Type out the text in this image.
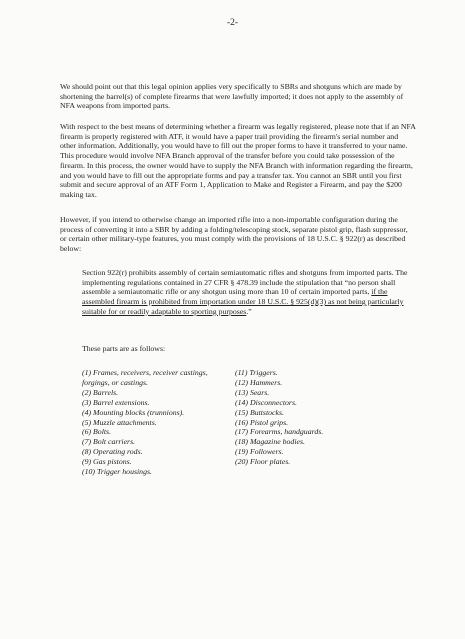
-2-

We should point out that this legal opinion applies very specifically to SBRs and shotguns which are made by shortening the barrel(s) of complete firearms that were lawfully imported; it does not apply to the assembly of NFA weapons from imported parts.

With respect to the best means of determining whether a firearm was legally registered, please note that if an NFA firearm is properly registered with ATF, it would have a paper trail providing the firearm's serial number and other information. Additionally, you would have to fill out the proper forms to have it transferred to your name. This procedure would involve NFA Branch approval of the transfer before you could take possession of the firearm. In this process, the owner would have to supply the NFA Branch with information regarding the firearm, and you would have to fill out the appropriate forms and pay a transfer tax. You cannot an SBR until you first submit and secure approval of an ATF Form 1, Application to Make and Register a Firearm, and pay the $200 making tax.

However, if you intend to otherwise change an imported rifle into a non-importable configuration during the process of converting it into a SBR by adding a folding/telescoping stock, separate pistol grip, flash suppressor, or certain other military-type features, you must comply with the provisions of 18 U.S.C. § 922(r) as described below:

Section 922(r) prohibits assembly of certain semiautomatic rifles and shotguns from imported parts. The implementing regulations contained in 27 CFR § 478.39 include the stipulation that “no person shall assemble a semiautomatic rifle or any shotgun using more than 10 of certain imported parts, if the assembled firearm is prohibited from importation under 18 U.S.C. § 925(d)(3) as not being particularly suitable for or readily adaptable to sporting purposes.”

These parts are as follows:

(1) Frames, receivers, receiver castings, forgings, or castings.
(2) Barrels.
(3) Barrel extensions.
(4) Mounting blocks (trunnions).
(5) Muzzle attachments.
(6) Bolts.
(7) Bolt carriers.
(8) Operating rods.
(9) Gas pistons.
(10) Trigger housings.
(11) Triggers.
(12) Hammers.
(13) Sears.
(14) Disconnectors.
(15) Buttstocks.
(16) Pistol grips.
(17) Forearms, handguards.
(18) Magazine bodies.
(19) Followers.
(20) Floor plates.
